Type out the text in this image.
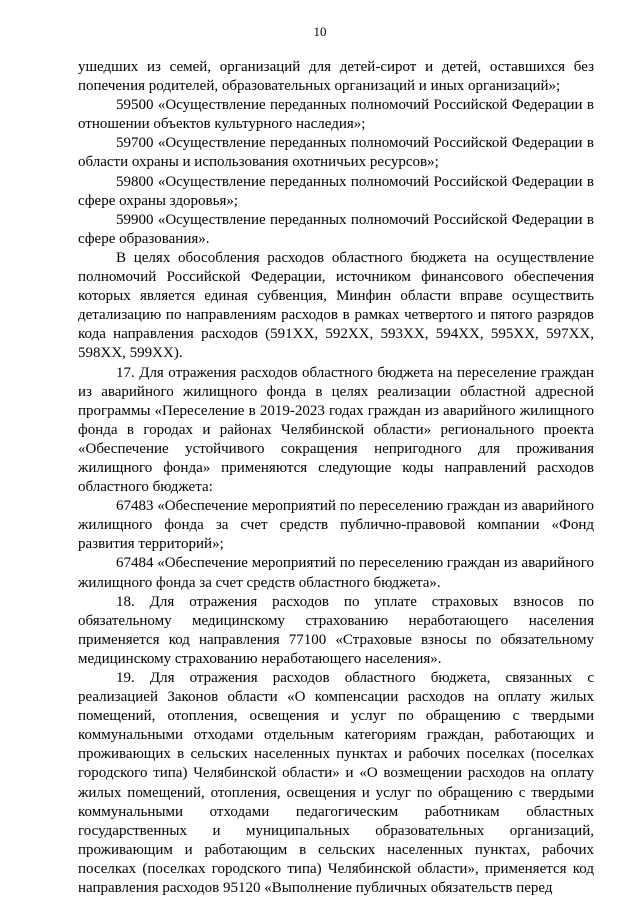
10

ушедших из семей, организаций для детей-сирот и детей, оставшихся без попечения родителей, образовательных организаций и иных организаций»;

59500 «Осуществление переданных полномочий Российской Федерации в отношении объектов культурного наследия»;

59700 «Осуществление переданных полномочий Российской Федерации в области охраны и использования охотничьих ресурсов»;

59800 «Осуществление переданных полномочий Российской Федерации в сфере охраны здоровья»;

59900 «Осуществление переданных полномочий Российской Федерации в сфере образования».

В целях обособления расходов областного бюджета на осуществление полномочий Российской Федерации, источником финансового обеспечения которых является единая субвенция, Минфин области вправе осуществить детализацию по направлениям расходов в рамках четвертого и пятого разрядов кода направления расходов (591XX, 592XX, 593XX, 594XX, 595XX, 597XX, 598XX, 599XX).

17. Для отражения расходов областного бюджета на переселение граждан из аварийного жилищного фонда в целях реализации областной адресной программы «Переселение в 2019-2023 годах граждан из аварийного жилищного фонда в городах и районах Челябинской области» регионального проекта «Обеспечение устойчивого сокращения непригодного для проживания жилищного фонда» применяются следующие коды направлений расходов областного бюджета:

67483 «Обеспечение мероприятий по переселению граждан из аварийного жилищного фонда за счет средств публично-правовой компании «Фонд развития территорий»;

67484 «Обеспечение мероприятий по переселению граждан из аварийного жилищного фонда за счет средств областного бюджета».

18. Для отражения расходов по уплате страховых взносов по обязательному медицинскому страхованию неработающего населения применяется код направления 77100 «Страховые взносы по обязательному медицинскому страхованию неработающего населения».

19. Для отражения расходов областного бюджета, связанных с реализацией Законов области «О компенсации расходов на оплату жилых помещений, отопления, освещения и услуг по обращению с твердыми коммунальными отходами отдельным категориям граждан, работающих и проживающих в сельских населенных пунктах и рабочих поселках (поселках городского типа) Челябинской области» и «О возмещении расходов на оплату жилых помещений, отопления, освещения и услуг по обращению с твердыми коммунальными отходами педагогическим работникам областных государственных и муниципальных образовательных организаций, проживающим и работающим в сельских населенных пунктах, рабочих поселках (поселках городского типа) Челябинской области», применяется код направления расходов 95120 «Выполнение публичных обязательств перед
